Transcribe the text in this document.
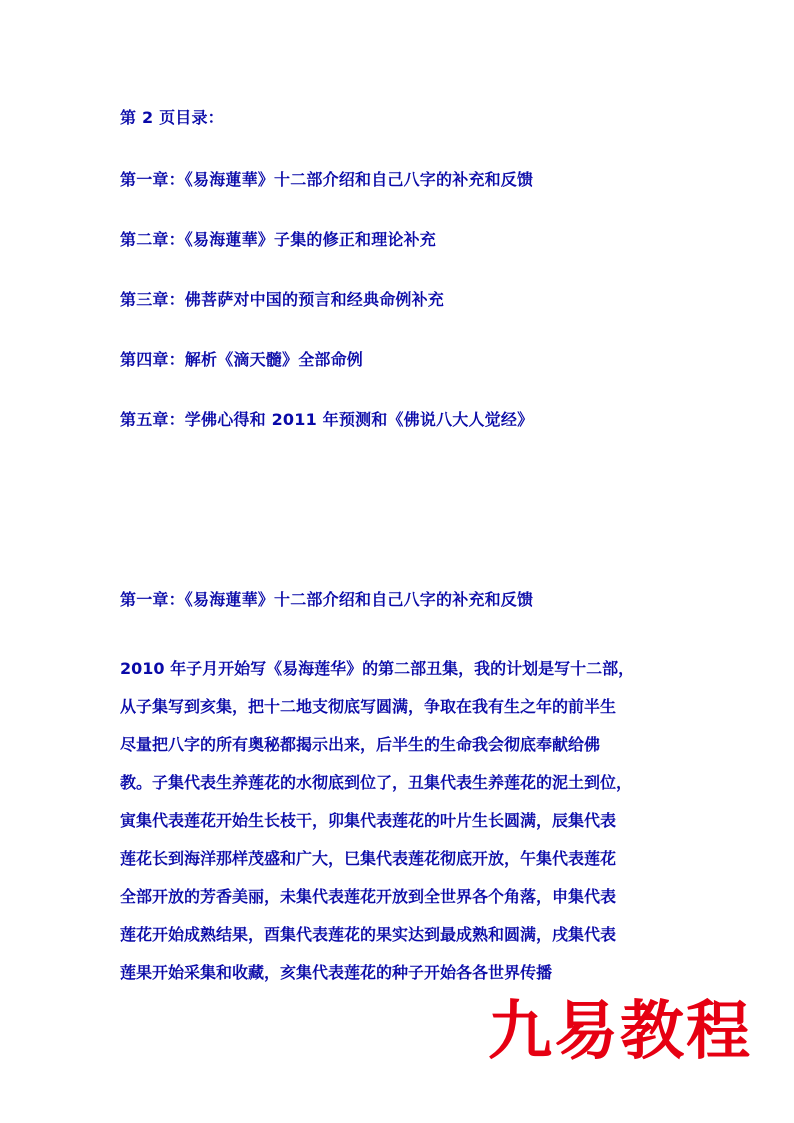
第 2 页目录：

第一章：《易海蓮華》十二部介绍和自己八字的补充和反馈

第二章：《易海蓮華》子集的修正和理论补充

第三章：佛菩萨对中国的预言和经典命例补充

第四章：解析《滴天髓》全部命例

第五章：学佛心得和 2011 年预测和《佛说八大人觉经》

第一章：《易海蓮華》十二部介绍和自己八字的补充和反馈

2010 年子月开始写《易海莲华》的第二部丑集，我的计划是写十二部，
从子集写到亥集，把十二地支彻底写圆满，争取在我有生之年的前半生
尽量把八字的所有奥秘都揭示出来，后半生的生命我会彻底奉献给佛
教。子集代表生养莲花的水彻底到位了，丑集代表生养莲花的泥土到位，
寅集代表莲花开始生长枝干，卯集代表莲花的叶片生长圆满，辰集代表
莲花长到海洋那样茂盛和广大，巳集代表莲花彻底开放，午集代表莲花
全部开放的芳香美丽，未集代表莲花开放到全世界各个角落，申集代表
莲花开始成熟结果，酉集代表莲花的果实达到最成熟和圆满，戌集代表
莲果开始采集和收藏，亥集代表莲花的种子开始各各世界传播
九易教程
